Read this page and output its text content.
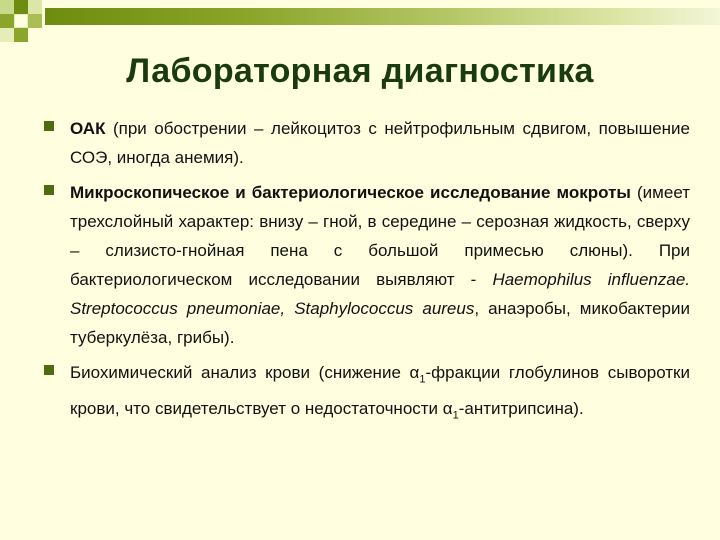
Лабораторная диагностика
ОАК (при обострении – лейкоцитоз с нейтрофильным сдвигом, повышение СОЭ, иногда анемия).
Микроскопическое и бактериологическое исследование мокроты (имеет трехслойный характер: внизу – гной, в середине – серозная жидкость, сверху – слизисто-гнойная пена с большой примесью слюны). При бактериологическом исследовании выявляют - Haemophilus influenzae. Streptococcus pneumoniae, Staphylococcus aureus, анаэробы, микобактерии туберкулёза, грибы).
Биохимический анализ крови (снижение $\alpha_1$-фракции глобулинов сыворотки крови, что свидетельствует о недостаточности $\alpha_1-антитрипсина$).
